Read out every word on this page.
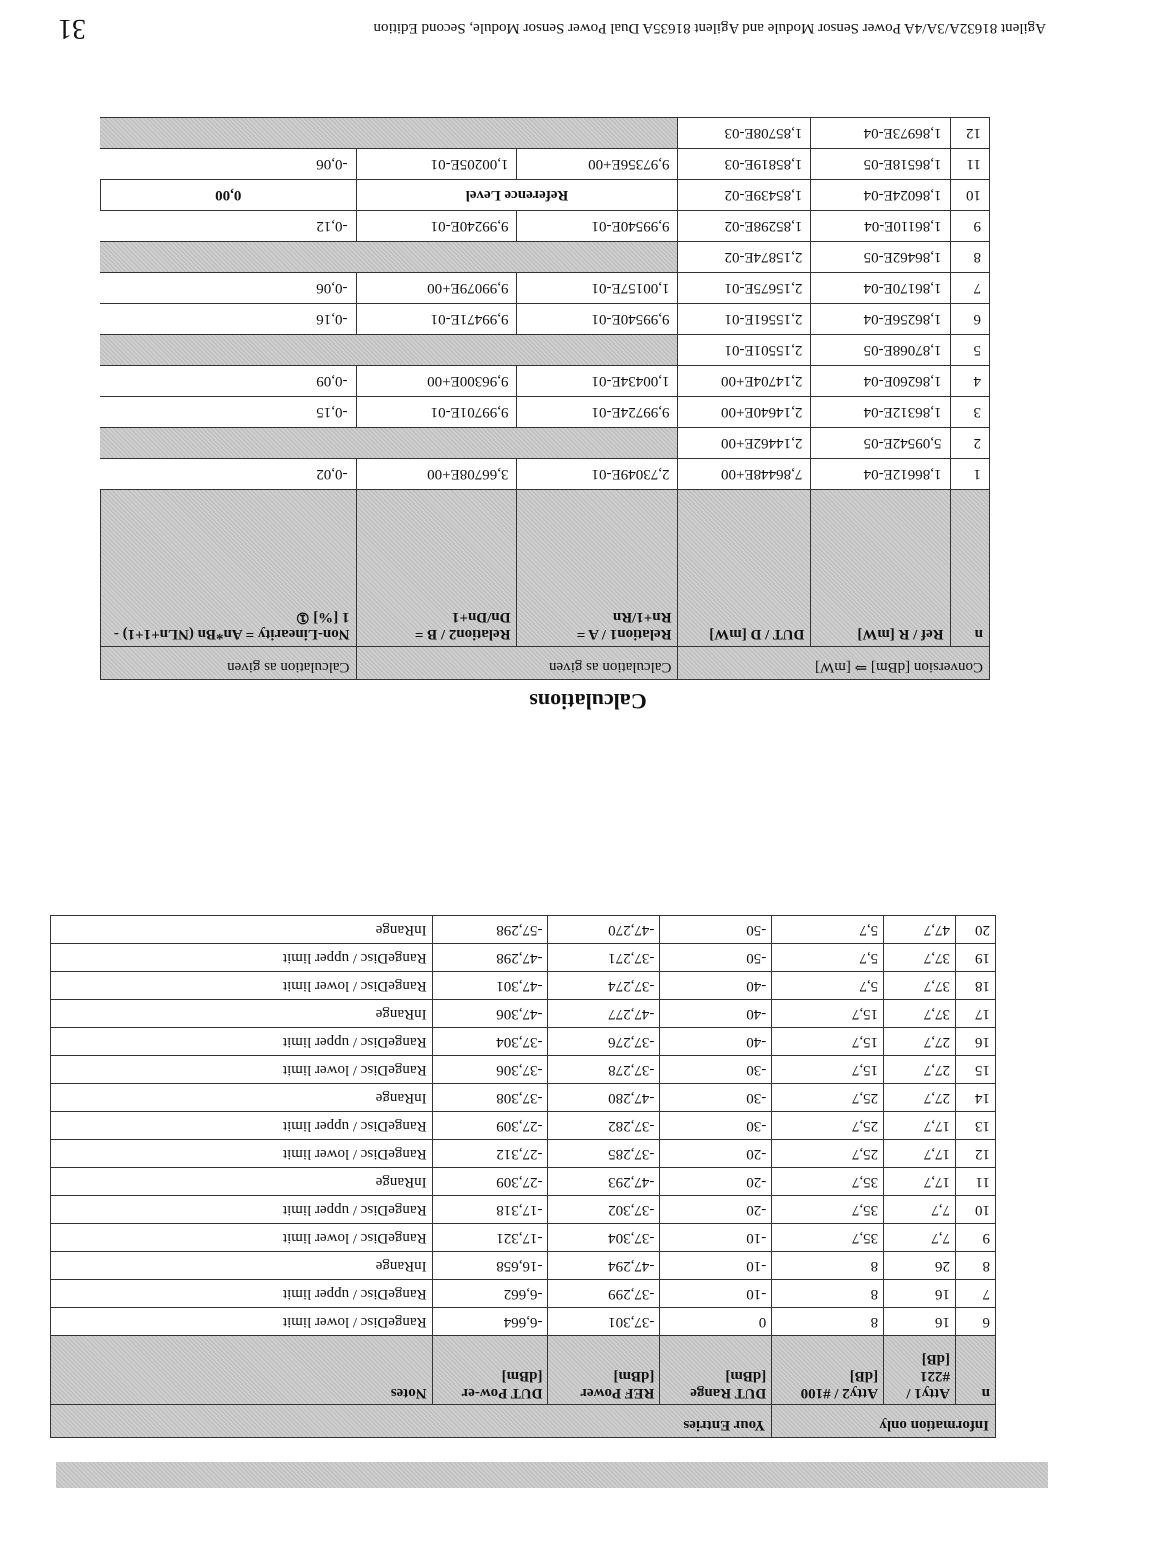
Information only			Your Entries			
n	Atty1 / #221 [dB]	Atty2 / #100 [dB]	DUT Range [dBm]	REF Power [dBm]	DUT Pow-er [dBm]	Notes
6	16	8	0	-37,301	-6,664	RangeDisc / lower limit
7	16	8	-10	-37,299	-6,662	RangeDisc / upper limit
8	26	8	-10	-47,294	-16,658	InRange
9	7,7	35,7	-10	-37,304	-17,321	RangeDisc / lower limit
10	7,7	35,7	-20	-37,302	-17,318	RangeDisc / upper limit
11	17,7	35,7	-20	-47,293	-27,309	InRange
12	17,7	25,7	-20	-37,285	-27,312	RangeDisc / lower limit
13	17,7	25,7	-30	-37,282	-27,309	RangeDisc / upper limit
14	27,7	25,7	-30	-47,280	-37,308	InRange
15	27,7	15,7	-30	-37,278	-37,306	RangeDisc / lower limit
16	27,7	15,7	-40	-37,276	-37,304	RangeDisc / upper limit
17	37,7	15,7	-40	-47,277	-47,306	InRange
18	37,7	5,7	-40	-37,274	-47,301	RangeDisc / lower limit
19	37,7	5,7	-50	-37,271	-47,298	RangeDisc / upper limit
20	47,7	5,7	-50	-47,270	-57,298	InRange
Calculations
Conversion [dBm] ⇒ [mW]			Calculation as given		Calculation as given
n	Ref / R [mW]	DUT / D [mW]	Relation1 / A = Rn+1/Rn	Relation2 / B = Dn/Dn+1	Non-Linearity = An*Bn (NLn+1+1) - 1 [%] ①
1	1,86612E-04	7,86448E+00	2,73049E-01	3,66708E+00	-0,02
2	5,09542E-05	2,14462E+00			
3	1,86312E-04	2,14640E+00	9,99724E-01	9,99701E-01	-0,15
4	1,86260E-04	2,14704E+00	1,00434E-01	9,96300E+00	-0,09
5	1,87068E-05	2,15501E-01			
6	1,86256E-04	2,15561E-01	9,99540E-01	9,99471E-01	-0,16
7	1,86170E-04	2,15675E-01	1,00157E-01	9,99079E+00	-0,06
8	1,86462E-05	2,15874E-02			
9	1,86110E-04	1,85298E-02	9,99540E-01	9,99240E-01	-0,12
10	1,86024E-04	1,85439E-02	Reference Level		0,00
11	1,86518E-05	1,85819E-03	9,97356E+00	1,00205E-01	-0,06
12	1,86973E-04	1,85708E-03			
Agilent 81632A/3A/4A Power Sensor Module and Agilent 81635A Dual Power Sensor Module, Second Edition
31
